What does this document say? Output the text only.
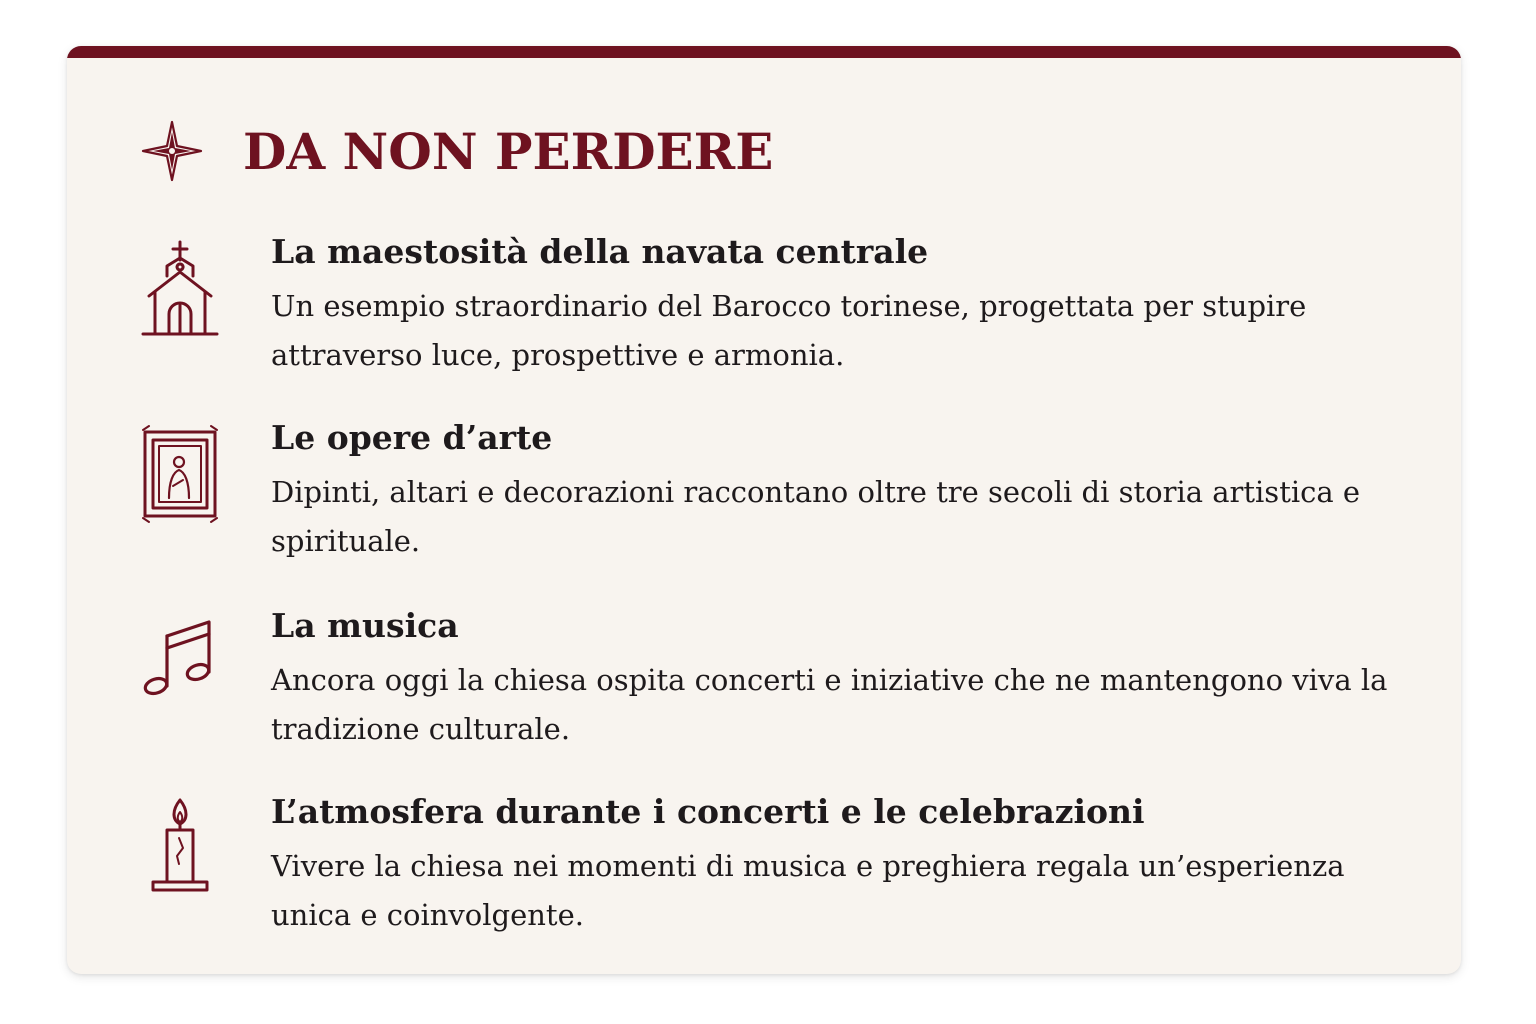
DA NON PERDERE
La maestosità della navata centrale
Un esempio straordinario del Barocco torinese, progettata per stupire attraverso luce, prospettive e armonia.
Le opere d’arte
Dipinti, altari e decorazioni raccontano oltre tre secoli di storia artistica e spirituale.
La musica
Ancora oggi la chiesa ospita concerti e iniziative che ne mantengono viva la tradizione culturale.
L’atmosfera durante i concerti e le celebrazioni
Vivere la chiesa nei momenti di musica e preghiera regala un’esperienza unica e coinvolgente.
